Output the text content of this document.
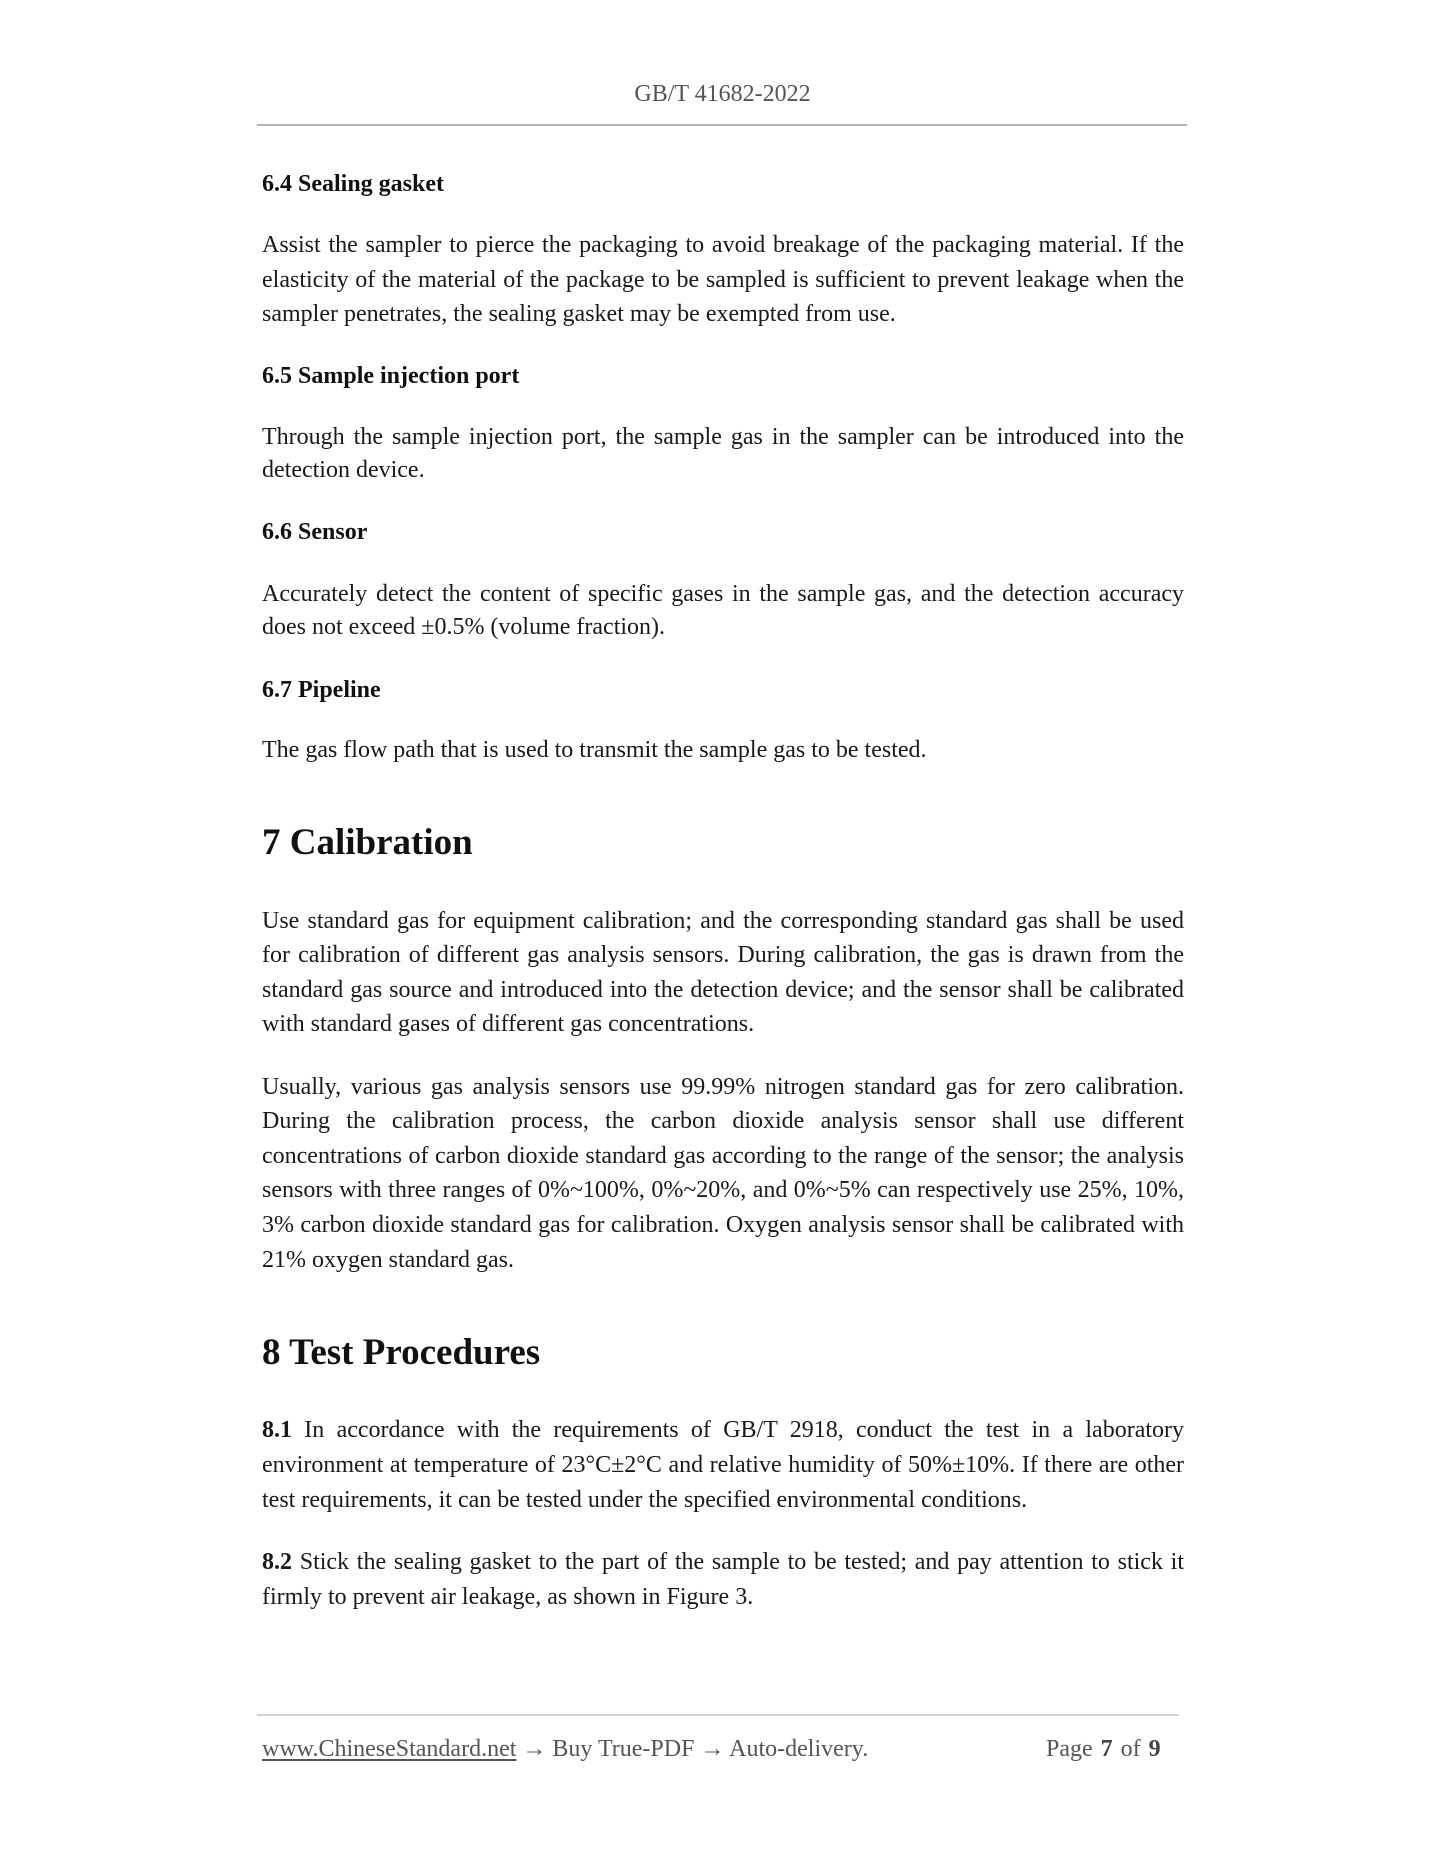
GB/T 41682-2022
6.4 Sealing gasket
Assist the sampler to pierce the packaging to avoid breakage of the packaging material. If the
elasticity of the material of the package to be sampled is sufficient to prevent leakage when the
sampler penetrates, the sealing gasket may be exempted from use.
6.5 Sample injection port
Through the sample injection port, the sample gas in the sampler can be introduced into the
detection device.
6.6 Sensor
Accurately detect the content of specific gases in the sample gas, and the detection accuracy
does not exceed ±0.5% (volume fraction).
6.7 Pipeline
The gas flow path that is used to transmit the sample gas to be tested.
7 Calibration
Use standard gas for equipment calibration; and the corresponding standard gas shall be used
for calibration of different gas analysis sensors. During calibration, the gas is drawn from the
standard gas source and introduced into the detection device; and the sensor shall be calibrated
with standard gases of different gas concentrations.
Usually, various gas analysis sensors use 99.99% nitrogen standard gas for zero calibration.
During the calibration process, the carbon dioxide analysis sensor shall use different
concentrations of carbon dioxide standard gas according to the range of the sensor; the analysis
sensors with three ranges of 0%~100%, 0%~20%, and 0%~5% can respectively use 25%, 10%,
3% carbon dioxide standard gas for calibration. Oxygen analysis sensor shall be calibrated with
21% oxygen standard gas.
8 Test Procedures
8.1 In accordance with the requirements of GB/T 2918, conduct the test in a laboratory
environment at temperature of 23°C±2°C and relative humidity of 50%±10%. If there are other
test requirements, it can be tested under the specified environmental conditions.
8.2 Stick the sealing gasket to the part of the sample to be tested; and pay attention to stick it
firmly to prevent air leakage, as shown in Figure 3.
www.ChineseStandard.net → Buy True-PDF → Auto-delivery.	Page 7 of 9
